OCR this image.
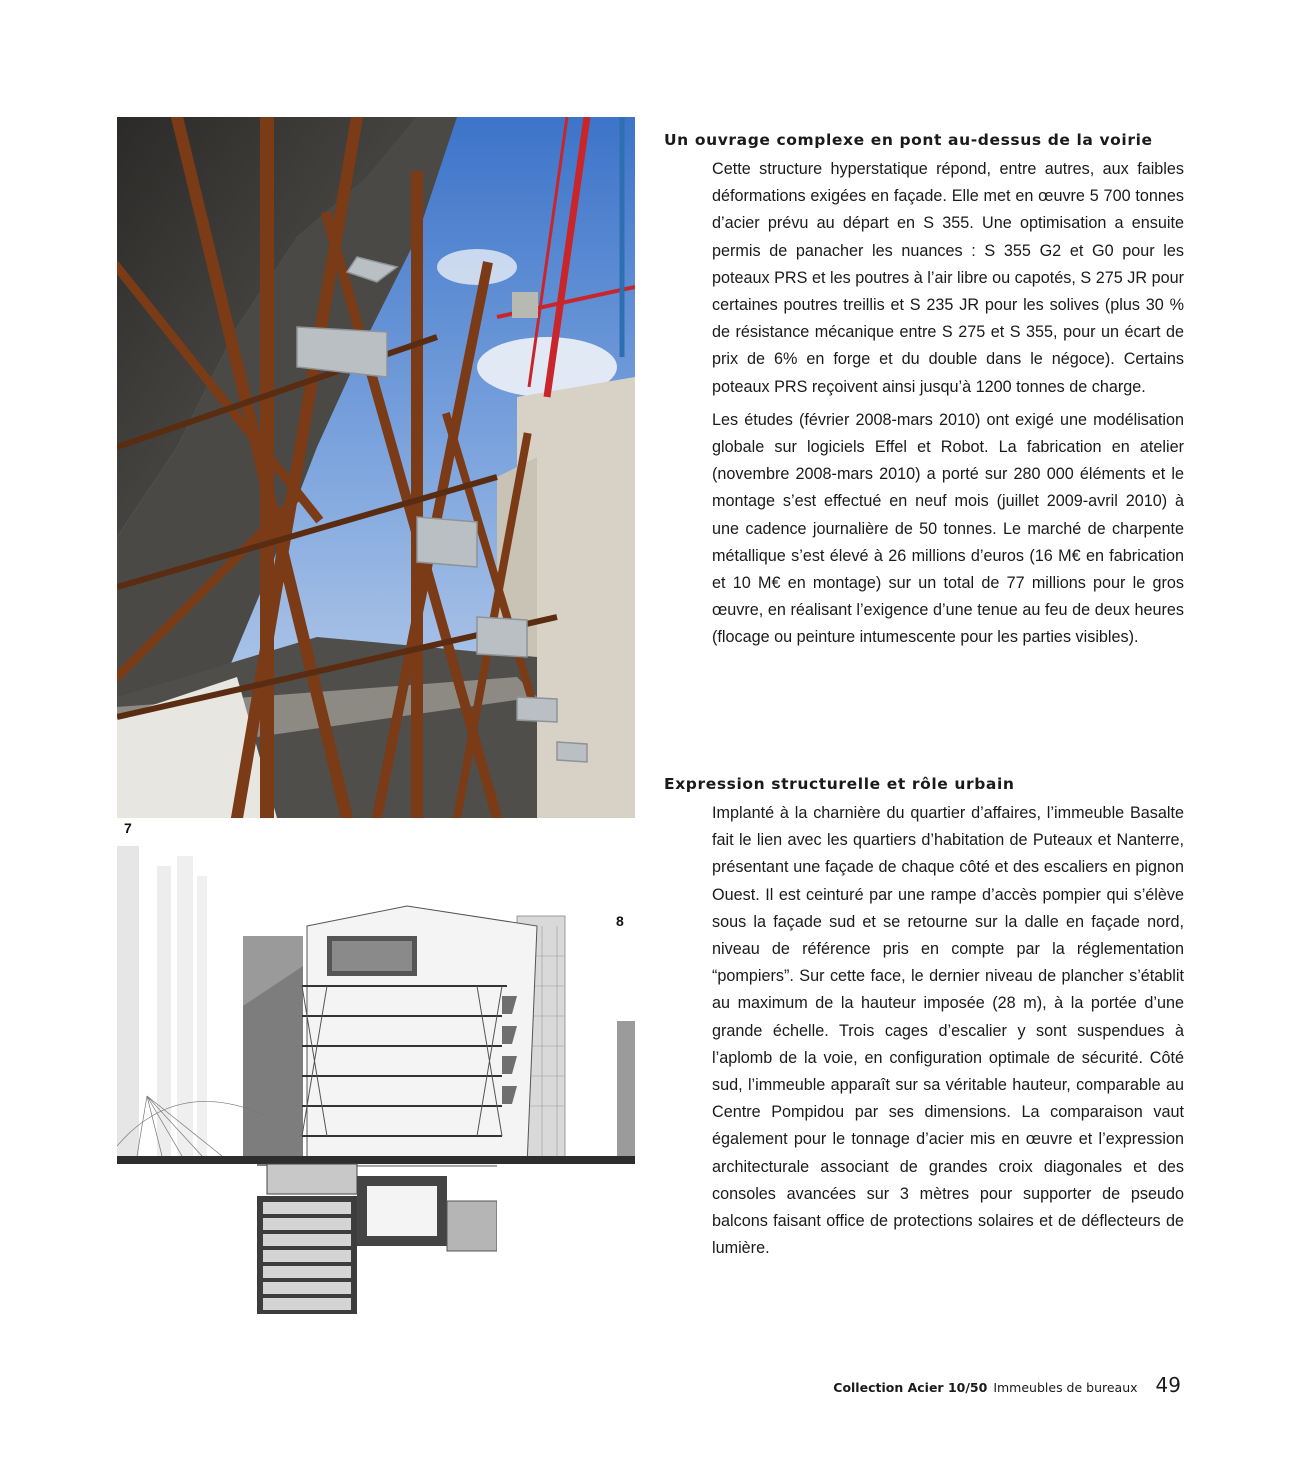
7
8
Un ouvrage complexe en pont au-dessus de la voirie

Cette structure hyperstatique répond, entre autres, aux faibles déformations exigées en façade. Elle met en œuvre 5 700 tonnes d’acier prévu au départ en S 355. Une optimisation a ensuite permis de panacher les nuances : S 355 G2 et G0 pour les poteaux PRS et les poutres à l’air libre ou capotés, S 275 JR pour certaines poutres treillis et S 235 JR pour les solives (plus 30 % de résistance mécanique entre S 275 et S 355, pour un écart de prix de 6% en forge et du double dans le négoce). Certains poteaux PRS reçoivent ainsi jusqu’à 1200 tonnes de charge.

Les études (février 2008-mars 2010) ont exigé une modélisation globale sur logiciels Effel et Robot. La fabrication en atelier (novembre 2008-mars 2010) a porté sur 280 000 éléments et le montage s’est effectué en neuf mois (juillet 2009-avril 2010) à une cadence journalière de 50 tonnes. Le marché de charpente métallique s’est élevé à 26 millions d’euros (16 M€ en fabrication et 10 M€ en montage) sur un total de 77 millions pour le gros œuvre, en réalisant l’exigence d’une tenue au feu de deux heures (flocage ou peinture intumescente pour les parties visibles).

Expression structurelle et rôle urbain

Implanté à la charnière du quartier d’affaires, l’immeuble Basalte fait le lien avec les quartiers d’habitation de Puteaux et Nanterre, présentant une façade de chaque côté et des escaliers en pignon Ouest. Il est ceinturé par une rampe d’accès pompier qui s’élève sous la façade sud et se retourne sur la dalle en façade nord, niveau de référence pris en compte par la réglementation “pompiers”. Sur cette face, le dernier niveau de plancher s’établit au maximum de la hauteur imposée (28 m), à la portée d’une grande échelle. Trois cages d’escalier y sont suspendues à l’aplomb de la voie, en configuration optimale de sécurité. Côté sud, l’immeuble apparaît sur sa véritable hauteur, comparable au Centre Pompidou par ses dimensions. La comparaison vaut également pour le tonnage d’acier mis en œuvre et l’expression architecturale associant de grandes croix diagonales et des consoles avancées sur 3 mètres pour supporter de pseudo balcons faisant office de protections solaires et de déflecteurs de lumière.

Collection Acier 10/50 Immeubles de bureaux 49
